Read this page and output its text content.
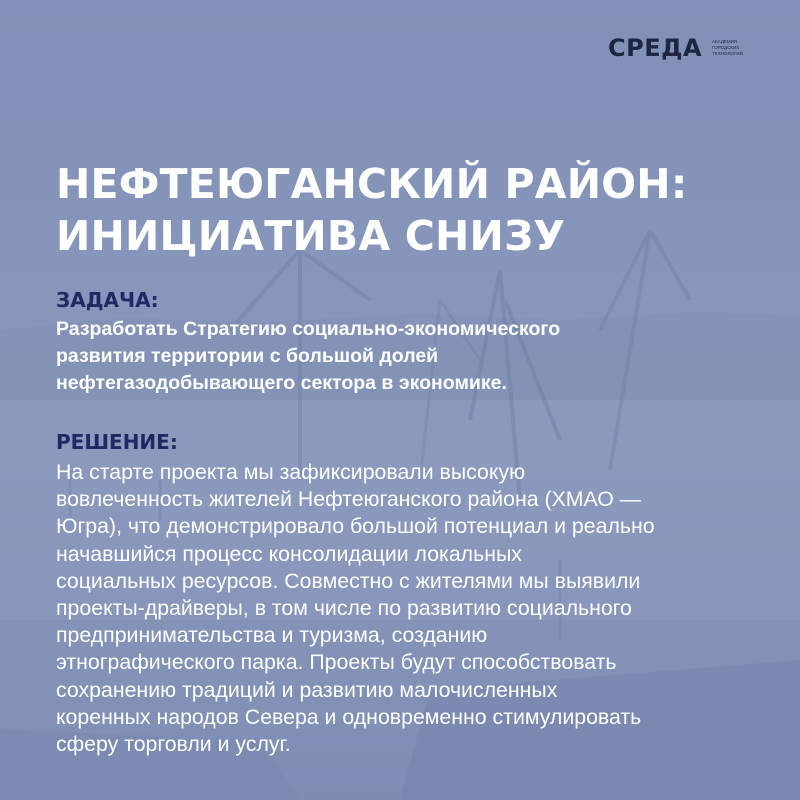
СРЕДА АКАДЕМИЯ
ГОРОДСКИХ
ТЕХНОЛОГИЙ
НЕФТЕЮГАНСКИЙ РАЙОН:
ИНИЦИАТИВА СНИЗУ
ЗАДАЧА:

Разработать Стратегию социально-экономического
развития территории с большой долей
нефтегазодобывающего сектора в экономике.

РЕШЕНИЕ:

На старте проекта мы зафиксировали высокую
вовлеченность жителей Нефтеюганского района (ХМАО —
Югра), что демонстрировало большой потенциал и реально
начавшийся процесс консолидации локальных
социальных ресурсов. Совместно с жителями мы выявили
проекты-драйверы, в том числе по развитию социального
предпринимательства и туризма, созданию
этнографического парка. Проекты будут способствовать
сохранению традиций и развитию малочисленных
коренных народов Севера и одновременно стимулировать
сферу торговли и услуг.
